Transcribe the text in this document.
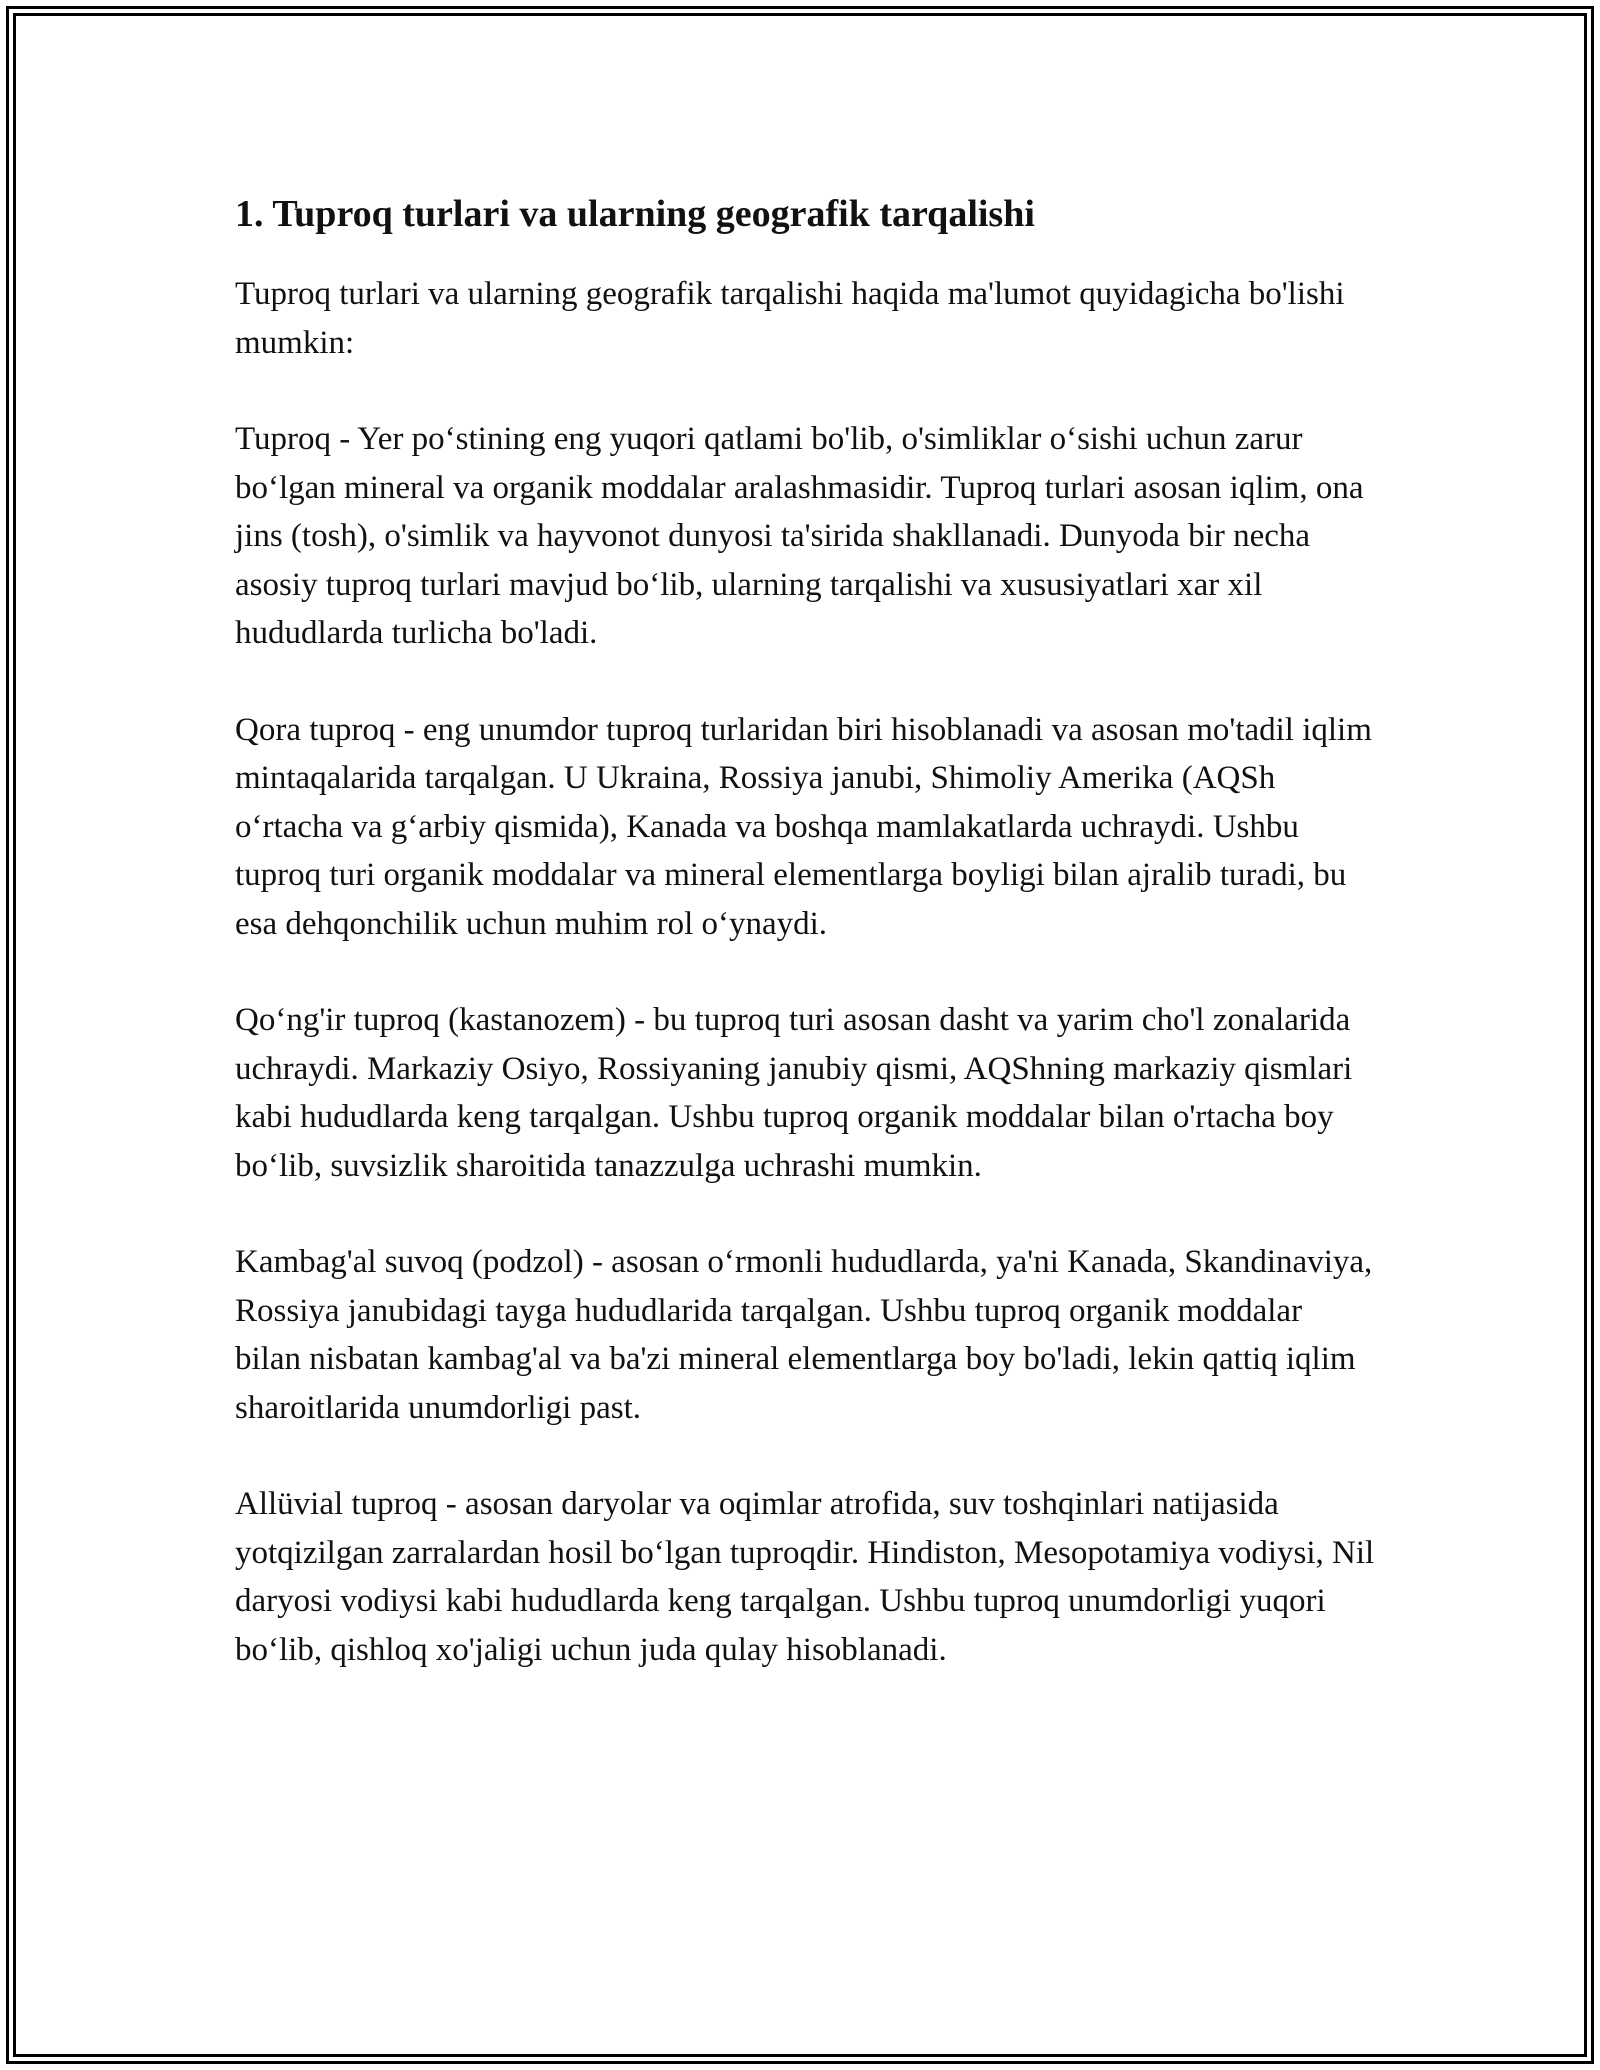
1. Tuproq turlari va ularning geografik tarqalishi

Tuproq turlari va ularning geografik tarqalishi haqida ma'lumot quyidagicha bo'lishi mumkin:

Tuproq - Yer po‘stining eng yuqori qatlami bo'lib, o'simliklar o‘sishi uchun zarur bo‘lgan mineral va organik moddalar aralashmasidir. Tuproq turlari asosan iqlim, ona jins (tosh), o'simlik va hayvonot dunyosi ta'sirida shakllanadi. Dunyoda bir necha asosiy tuproq turlari mavjud bo‘lib, ularning tarqalishi va xususiyatlari xar xil hududlarda turlicha bo'ladi.

Qora tuproq - eng unumdor tuproq turlaridan biri hisoblanadi va asosan mo'tadil iqlim mintaqalarida tarqalgan. U Ukraina, Rossiya janubi, Shimoliy Amerika (AQSh o‘rtacha va g‘arbiy qismida), Kanada va boshqa mamlakatlarda uchraydi. Ushbu tuproq turi organik moddalar va mineral elementlarga boyligi bilan ajralib turadi, bu esa dehqonchilik uchun muhim rol o‘ynaydi.

Qo‘ng'ir tuproq (kastanozem) - bu tuproq turi asosan dasht va yarim cho'l zonalarida uchraydi. Markaziy Osiyo, Rossiyaning janubiy qismi, AQShning markaziy qismlari kabi hududlarda keng tarqalgan. Ushbu tuproq organik moddalar bilan o'rtacha boy bo‘lib, suvsizlik sharoitida tanazzulga uchrashi mumkin.

Kambag'al suvoq (podzol) - asosan o‘rmonli hududlarda, ya'ni Kanada, Skandinaviya, Rossiya janubidagi tayga hududlarida tarqalgan. Ushbu tuproq organik moddalar bilan nisbatan kambag'al va ba'zi mineral elementlarga boy bo'ladi, lekin qattiq iqlim sharoitlarida unumdorligi past.

Allüvial tuproq - asosan daryolar va oqimlar atrofida, suv toshqinlari natijasida yotqizilgan zarralardan hosil bo‘lgan tuproqdir. Hindiston, Mesopotamiya vodiysi, Nil daryosi vodiysi kabi hududlarda keng tarqalgan. Ushbu tuproq unumdorligi yuqori bo‘lib, qishloq xo'jaligi uchun juda qulay hisoblanadi.
